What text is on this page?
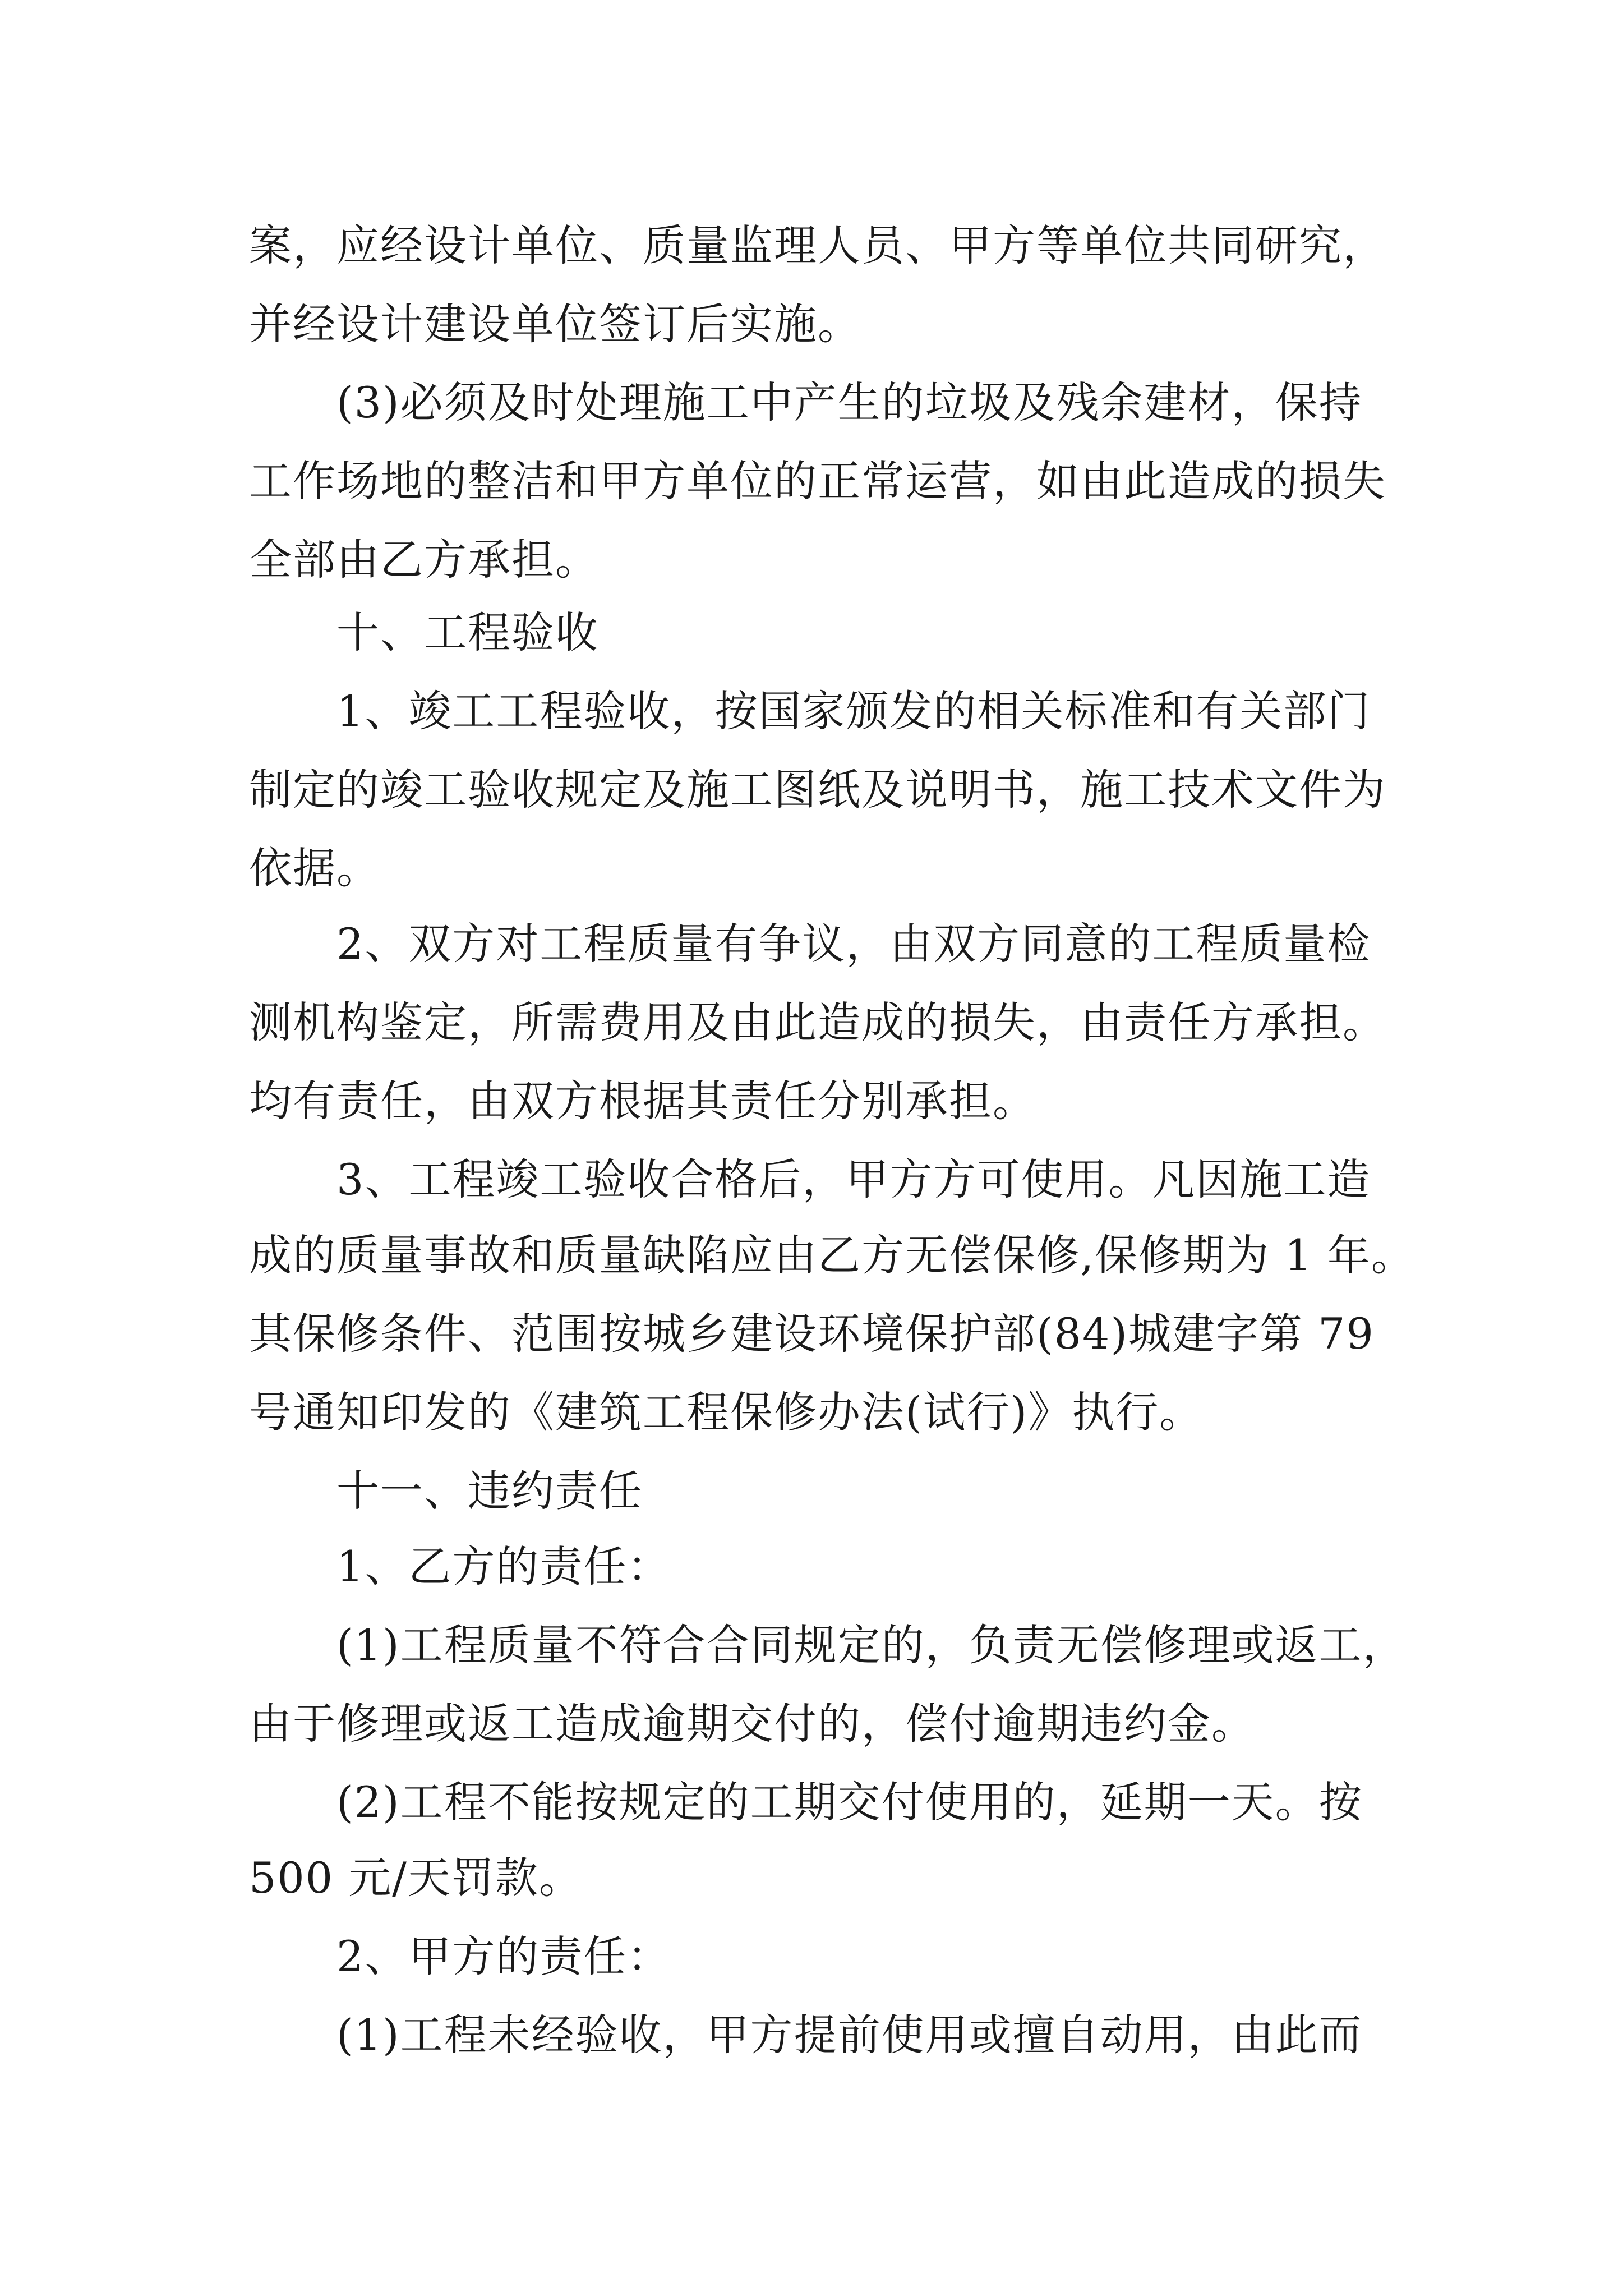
案，应经设计单位、质量监理人员、甲方等单位共同研究，
并经设计建设单位签订后实施。
(3)必须及时处理施工中产生的垃圾及残余建材，保持
工作场地的整洁和甲方单位的正常运营，如由此造成的损失
全部由乙方承担。
十、工程验收
1、竣工工程验收，按国家颁发的相关标准和有关部门
制定的竣工验收规定及施工图纸及说明书，施工技术文件为
依据。
2、双方对工程质量有争议，由双方同意的工程质量检
测机构鉴定，所需费用及由此造成的损失，由责任方承担。
均有责任，由双方根据其责任分别承担。
3、工程竣工验收合格后，甲方方可使用。凡因施工造
成的质量事故和质量缺陷应由乙方无偿保修,保修期为 1 年。
其保修条件、范围按城乡建设环境保护部(84)城建字第 79
号通知印发的《建筑工程保修办法(试行)》执行。
十一、违约责任
1、乙方的责任：
(1)工程质量不符合合同规定的，负责无偿修理或返工，
由于修理或返工造成逾期交付的，偿付逾期违约金。
(2)工程不能按规定的工期交付使用的，延期一天。按
500 元/天罚款。
2、甲方的责任：
(1)工程未经验收，甲方提前使用或擅自动用，由此而
